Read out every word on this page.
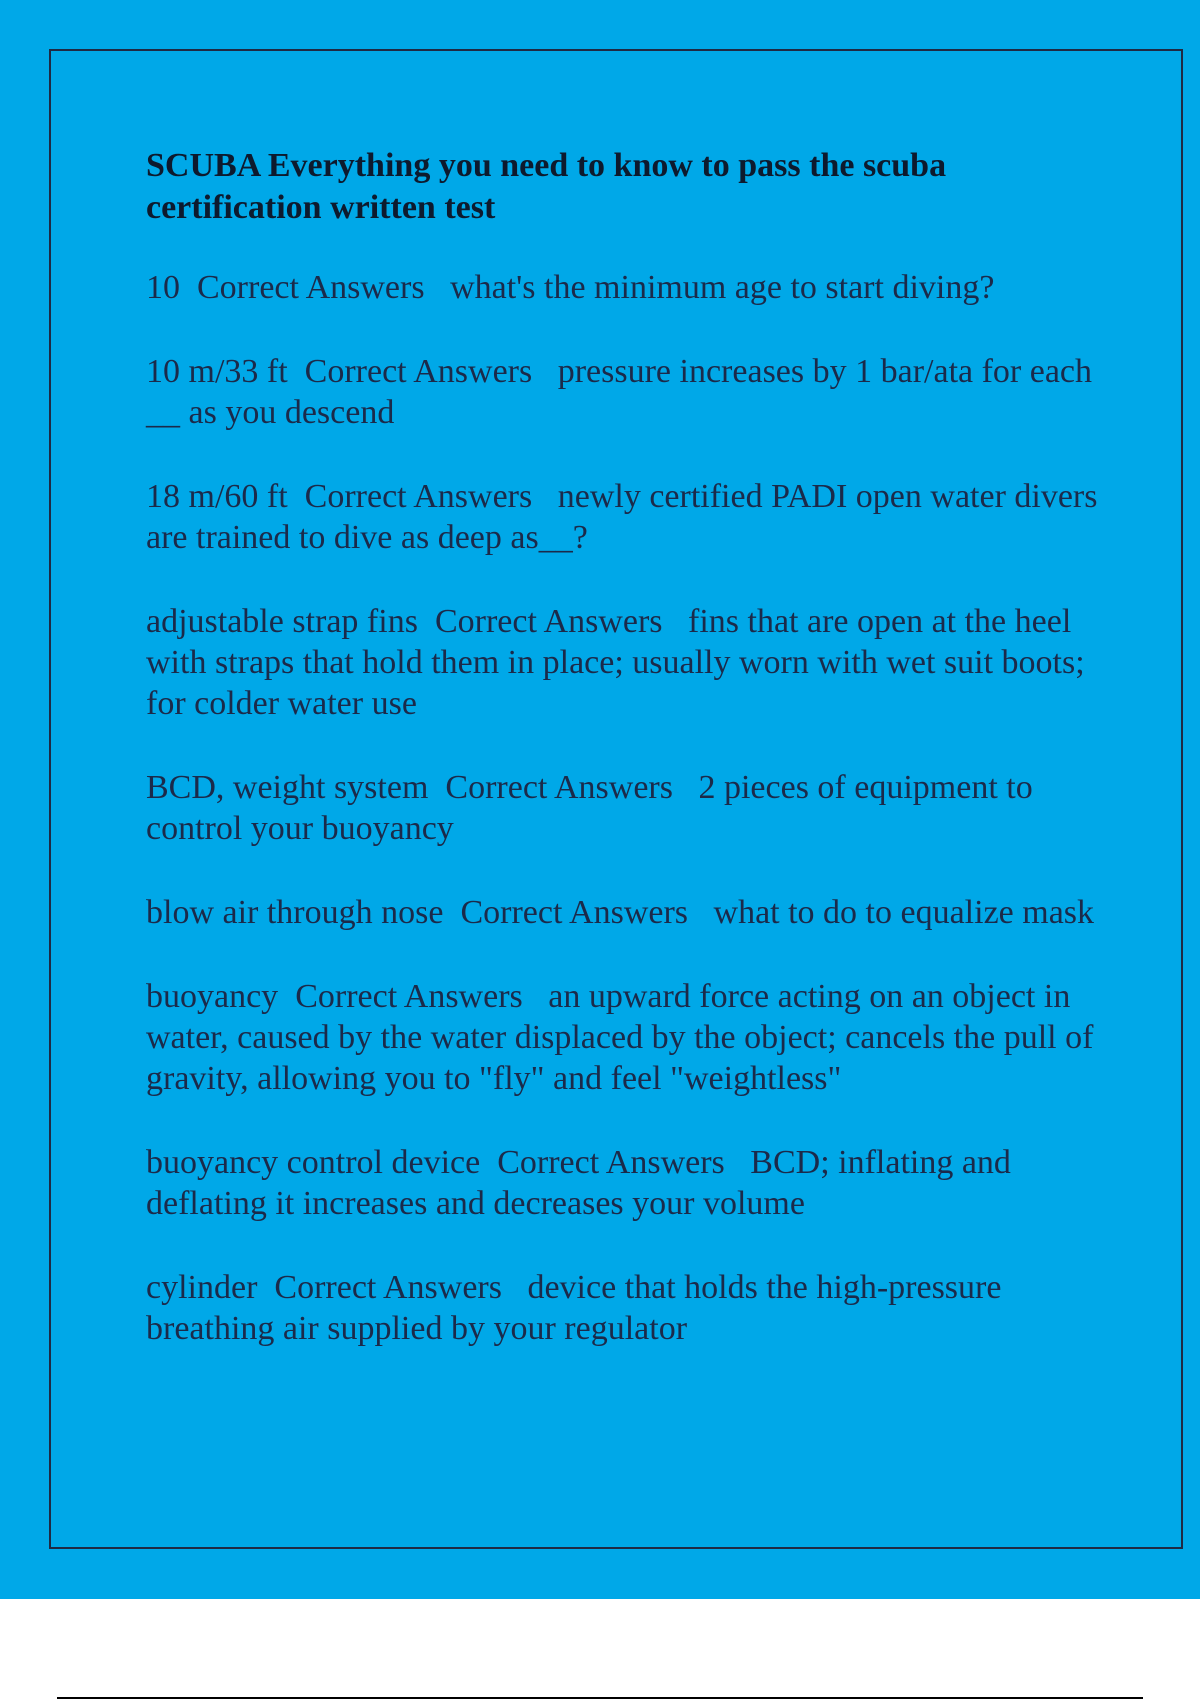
SCUBA Everything you need to know to pass the scuba certification written test
10 Correct Answers what's the minimum age to start diving?
10 m/33 ft Correct Answers pressure increases by 1 bar/ata for each __ as you descend
18 m/60 ft Correct Answers newly certified PADI open water divers are trained to dive as deep as__?
adjustable strap fins Correct Answers fins that are open at the heel with straps that hold them in place; usually worn with wet suit boots; for colder water use
BCD, weight system Correct Answers 2 pieces of equipment to control your buoyancy
blow air through nose Correct Answers what to do to equalize mask
buoyancy Correct Answers an upward force acting on an object in water, caused by the water displaced by the object; cancels the pull of gravity, allowing you to "fly" and feel "weightless"
buoyancy control device Correct Answers BCD; inflating and deflating it increases and decreases your volume
cylinder Correct Answers device that holds the high-pressure breathing air supplied by your regulator
